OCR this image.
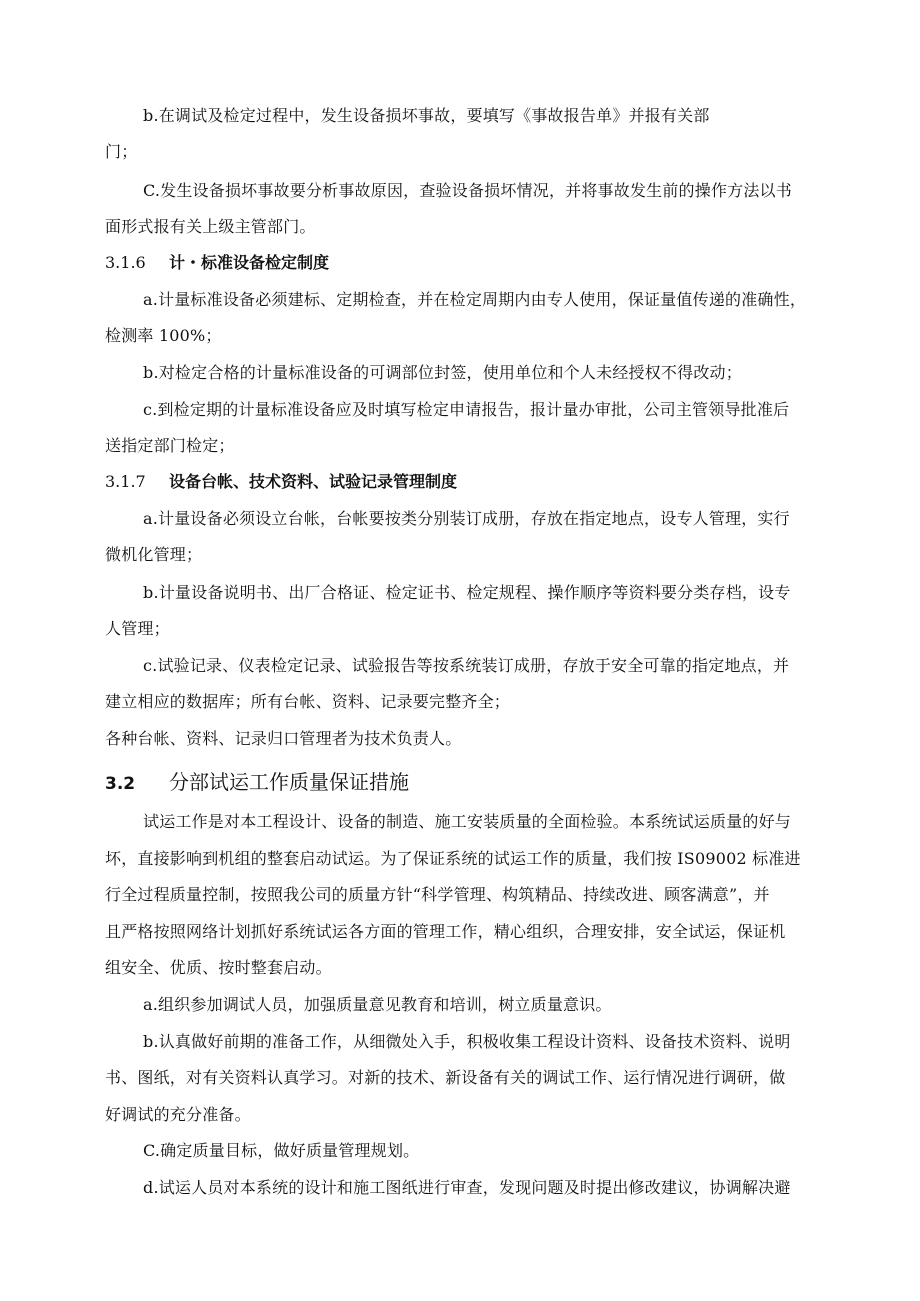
b.在调试及检定过程中，发生设备损坏事故，要填写《事故报告单》并报有关部
门；
C.发生设备损坏事故要分析事故原因，查验设备损坏情况，并将事故发生前的操作方法以书
面形式报有关上级主管部门。
3.1.6 计・标准设备检定制度
a.计量标准设备必须建标、定期检查，并在检定周期内由专人使用，保证量值传递的准确性，
检测率 100%；
b.对检定合格的计量标准设备的可调部位封签，使用单位和个人未经授权不得改动；
c.到检定期的计量标准设备应及时填写检定申请报告，报计量办审批，公司主管领导批准后
送指定部门检定；
3.1.7 设备台帐、技术资料、试验记录管理制度
a.计量设备必须设立台帐，台帐要按类分别装订成册，存放在指定地点，设专人管理，实行
微机化管理；
b.计量设备说明书、出厂合格证、检定证书、检定规程、操作顺序等资料要分类存档，设专
人管理；
c.试验记录、仪表检定记录、试验报告等按系统装订成册，存放于安全可靠的指定地点，并
建立相应的数据库；所有台帐、资料、记录要完整齐全；
各种台帐、资料、记录归口管理者为技术负责人。
3.2 分部试运工作质量保证措施
试运工作是对本工程设计、设备的制造、施工安装质量的全面检验。本系统试运质量的好与
坏，直接影响到机组的整套启动试运。为了保证系统的试运工作的质量，我们按 IS09002 标准进
行全过程质量控制，按照我公司的质量方针“科学管理、构筑精品、持续改进、顾客满意”，并
且严格按照网络计划抓好系统试运各方面的管理工作，精心组织，合理安排，安全试运，保证机
组安全、优质、按时整套启动。
a.组织参加调试人员，加强质量意见教育和培训，树立质量意识。
b.认真做好前期的准备工作，从细微处入手，积极收集工程设计资料、设备技术资料、说明
书、图纸，对有关资料认真学习。对新的技术、新设备有关的调试工作、运行情况进行调研，做
好调试的充分准备。
C.确定质量目标，做好质量管理规划。
d.试运人员对本系统的设计和施工图纸进行审查，发现问题及时提出修改建议，协调解决避
